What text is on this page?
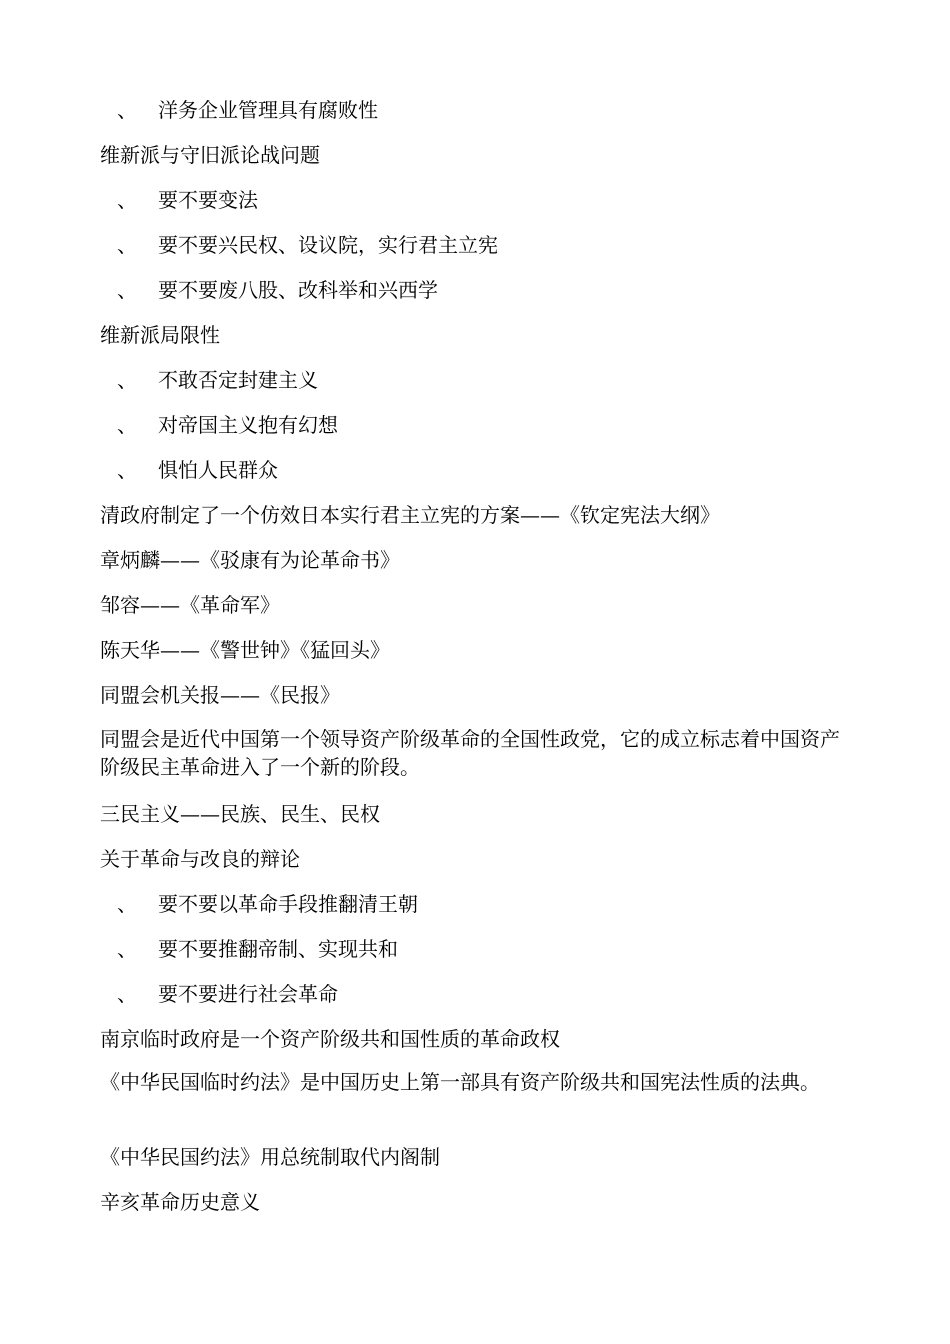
、 洋务企业管理具有腐败性
维新派与守旧派论战问题
、 要不要变法
、 要不要兴民权、设议院，实行君主立宪
、 要不要废八股、改科举和兴西学
维新派局限性
、 不敢否定封建主义
、 对帝国主义抱有幻想
、 惧怕人民群众
清政府制定了一个仿效日本实行君主立宪的方案——《钦定宪法大纲》
章炳麟——《驳康有为论革命书》
邹容——《革命军》
陈天华——《警世钟》《猛回头》
同盟会机关报——《民报》
同盟会是近代中国第一个领导资产阶级革命的全国性政党，它的成立标志着中国资产阶级民主革命进入了一个新的阶段。
三民主义——民族、民生、民权
关于革命与改良的辩论
、 要不要以革命手段推翻清王朝
、 要不要推翻帝制、实现共和
、 要不要进行社会革命
南京临时政府是一个资产阶级共和国性质的革命政权
《中华民国临时约法》是中国历史上第一部具有资产阶级共和国宪法性质的法典。
《中华民国约法》用总统制取代内阁制
辛亥革命历史意义
